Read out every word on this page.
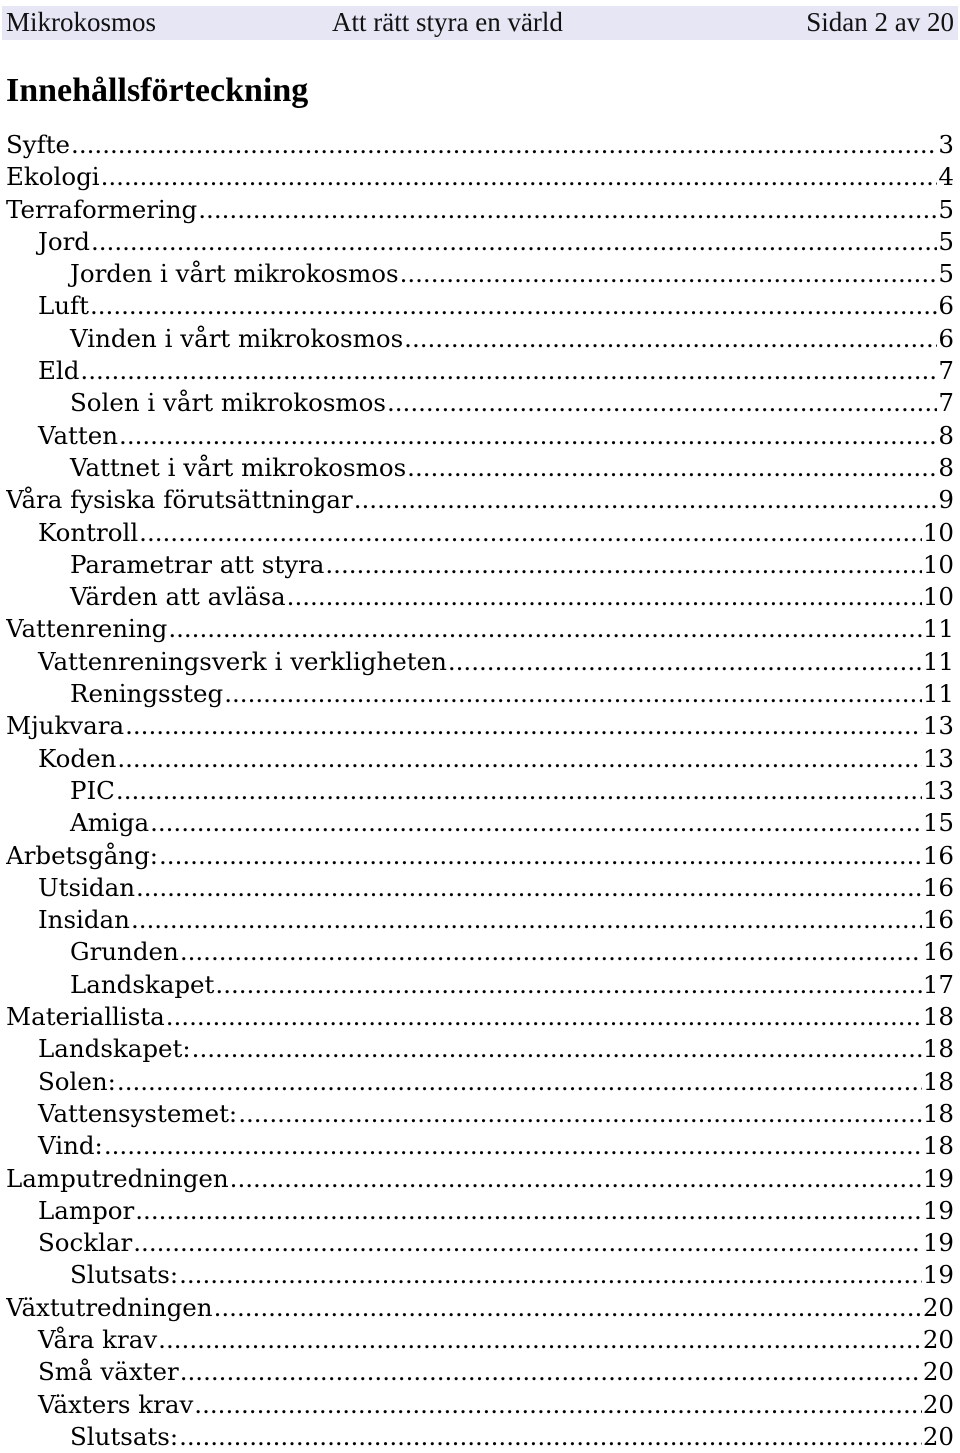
Mikrokosmos	Att rätt styra en värld	Sidan 2 av 20
Innehållsförteckning
Syfte .....	3
Ekologi .....	4
Terraformering .....	5
Jord .....	5
Jorden i vårt mikrokosmos .....	5
Luft .....	6
Vinden i vårt mikrokosmos .....	6
Eld .....	7
Solen i vårt mikrokosmos .....	7
Vatten .....	8
Vattnet i vårt mikrokosmos .....	8
Våra fysiska förutsättningar .....	9
Kontroll .....	10
Parametrar att styra .....	10
Värden att avläsa .....	10
Vattenrening .....	11
Vattenreningsverk i verkligheten .....	11
Reningssteg .....	11
Mjukvara .....	13
Koden .....	13
PIC .....	13
Amiga .....	15
Arbetsgång: .....	16
Utsidan .....	16
Insidan .....	16
Grunden .....	16
Landskapet .....	17
Materiallista .....	18
Landskapet: .....	18
Solen: .....	18
Vattensystemet: .....	18
Vind: .....	18
Lamputredningen .....	19
Lampor .....	19
Socklar .....	19
Slutsats: .....	19
Växtutredningen .....	20
Våra krav .....	20
Små växter .....	20
Växters krav .....	20
Slutsats: .....	20
